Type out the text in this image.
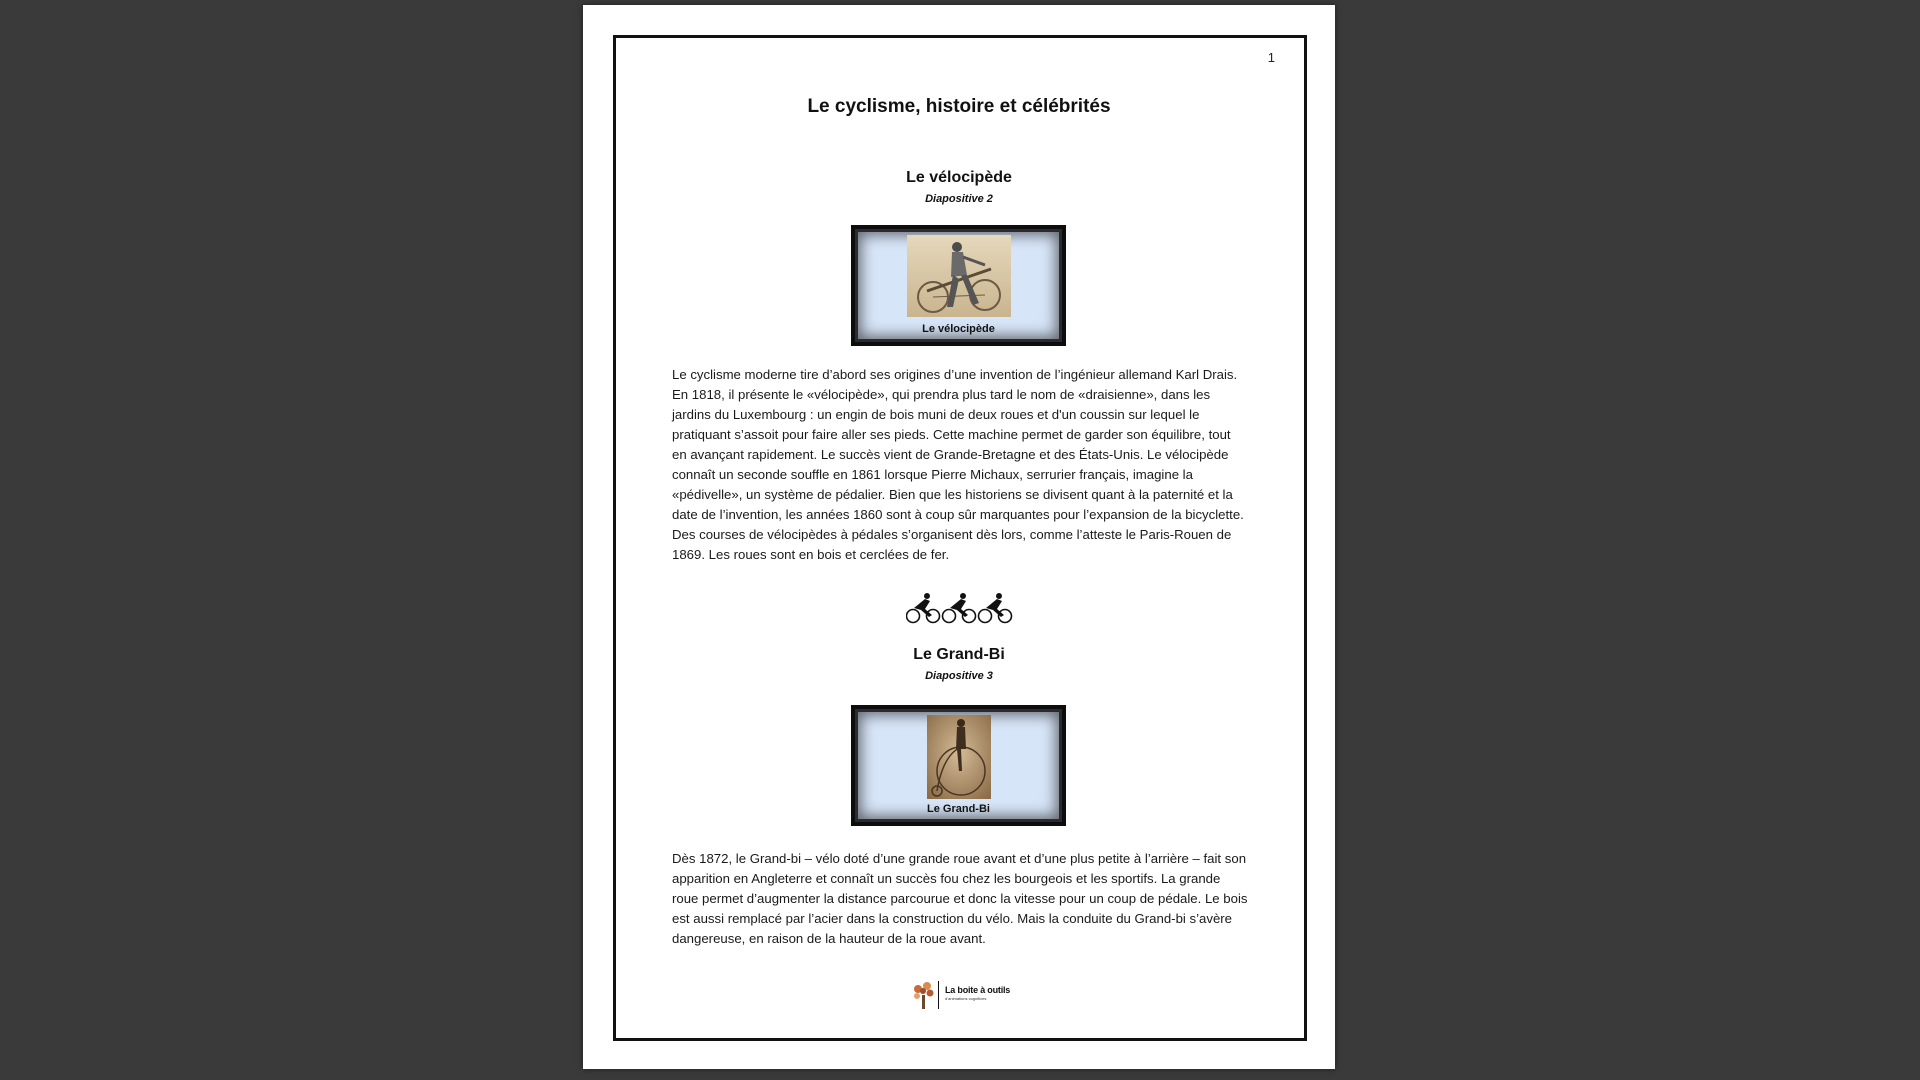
1
Le cyclisme, histoire et célébrités
Le vélocipède
Diapositive 2
Le vélocipède

Le cyclisme moderne tire d’abord ses origines d’une invention de l’ingénieur allemand Karl Drais. En 1818, il présente le «vélocipède», qui prendra plus tard le nom de «draisienne», dans les jardins du Luxembourg : un engin de bois muni de deux roues et d'un coussin sur lequel le pratiquant s’assoit pour faire aller ses pieds. Cette machine permet de garder son équilibre, tout en avançant rapidement. Le succès vient de Grande-Bretagne et des États-Unis. Le vélocipède connaît un seconde souffle en 1861 lorsque Pierre Michaux, serrurier français, imagine la «pédivelle», un système de pédalier. Bien que les historiens se divisent quant à la paternité et la date de l’invention, les années 1860 sont à coup sûr marquantes pour l’expansion de la bicyclette. Des courses de vélocipèdes à pédales s’organisent dès lors, comme l’atteste le Paris-Rouen de 1869. Les roues sont en bois et cerclées de fer.

Le Grand-Bi
Diapositive 3
Le Grand-Bi

Dès 1872, le Grand-bi – vélo doté d’une grande roue avant et d’une plus petite à l’arrière – fait son apparition en Angleterre et connaît un succès fou chez les bourgeois et les sportifs. La grande roue permet d’augmenter la distance parcourue et donc la vitesse pour un coup de pédale. Le bois est aussi remplacé par l’acier dans la construction du vélo. Mais la conduite du Grand-bi s’avère dangereuse, en raison de la hauteur de la roue avant.

La boite à outils
d’animations cognitives
